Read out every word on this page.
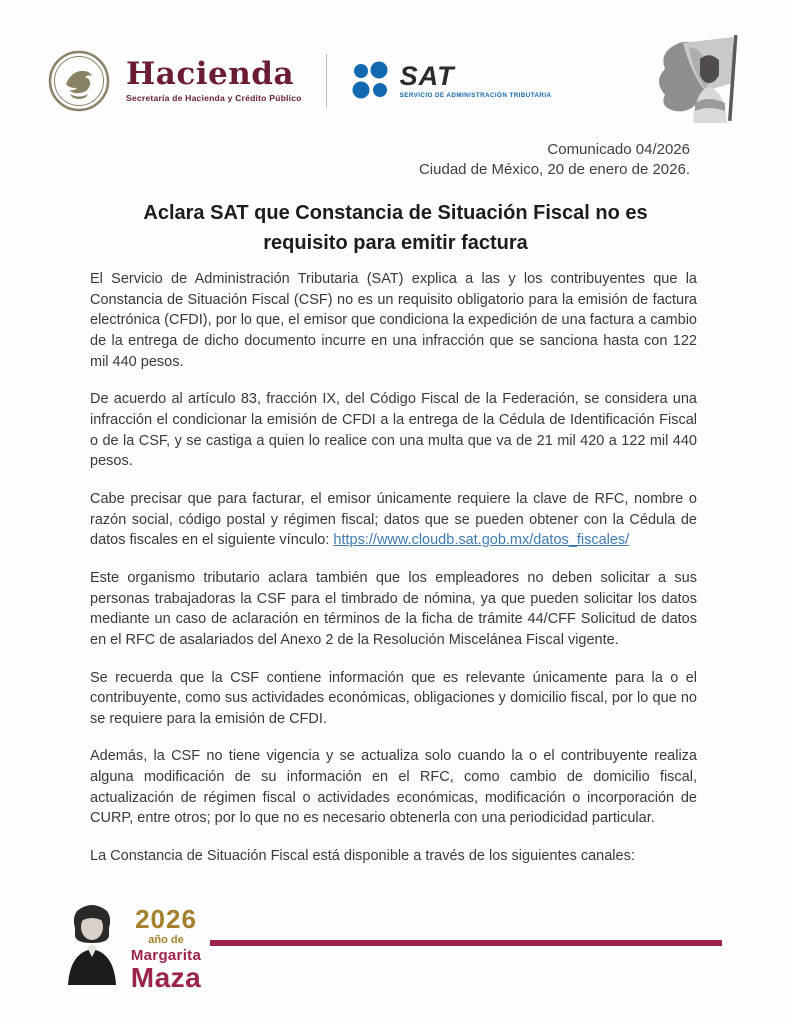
Hacienda
Secretaría de Hacienda y Crédito Público
SAT
SERVICIO DE ADMINISTRACIÓN TRIBUTARIA
Comunicado 04/2026
Ciudad de México, 20 de enero de 2026.
Aclara SAT que Constancia de Situación Fiscal no es
requisito para emitir factura

El Servicio de Administración Tributaria (SAT) explica a las y los contribuyentes que la Constancia de Situación Fiscal (CSF) no es un requisito obligatorio para la emisión de factura electrónica (CFDI), por lo que, el emisor que condiciona la expedición de una factura a cambio de la entrega de dicho documento incurre en una infracción que se sanciona hasta con 122 mil 440 pesos.

De acuerdo al artículo 83, fracción IX, del Código Fiscal de la Federación, se considera una infracción el condicionar la emisión de CFDI a la entrega de la Cédula de Identificación Fiscal o de la CSF, y se castiga a quien lo realice con una multa que va de 21 mil 420 a 122 mil 440 pesos.

Cabe precisar que para facturar, el emisor únicamente requiere la clave de RFC, nombre o razón social, código postal y régimen fiscal; datos que se pueden obtener con la Cédula de datos fiscales en el siguiente vínculo: https://www.cloudb.sat.gob.mx/datos_fiscales/

Este organismo tributario aclara también que los empleadores no deben solicitar a sus personas trabajadoras la CSF para el timbrado de nómina, ya que pueden solicitar los datos mediante un caso de aclaración en términos de la ficha de trámite 44/CFF Solicitud de datos en el RFC de asalariados del Anexo 2 de la Resolución Miscelánea Fiscal vigente.

Se recuerda que la CSF contiene información que es relevante únicamente para la o el contribuyente, como sus actividades económicas, obligaciones y domicilio fiscal, por lo que no se requiere para la emisión de CFDI.

Además, la CSF no tiene vigencia y se actualiza solo cuando la o el contribuyente realiza alguna modificación de su información en el RFC, como cambio de domicilio fiscal, actualización de régimen fiscal o actividades económicas, modificación o incorporación de CURP, entre otros; por lo que no es necesario obtenerla con una periodicidad particular.

La Constancia de Situación Fiscal está disponible a través de los siguientes canales:

2026
año de
Margarita
Maza
